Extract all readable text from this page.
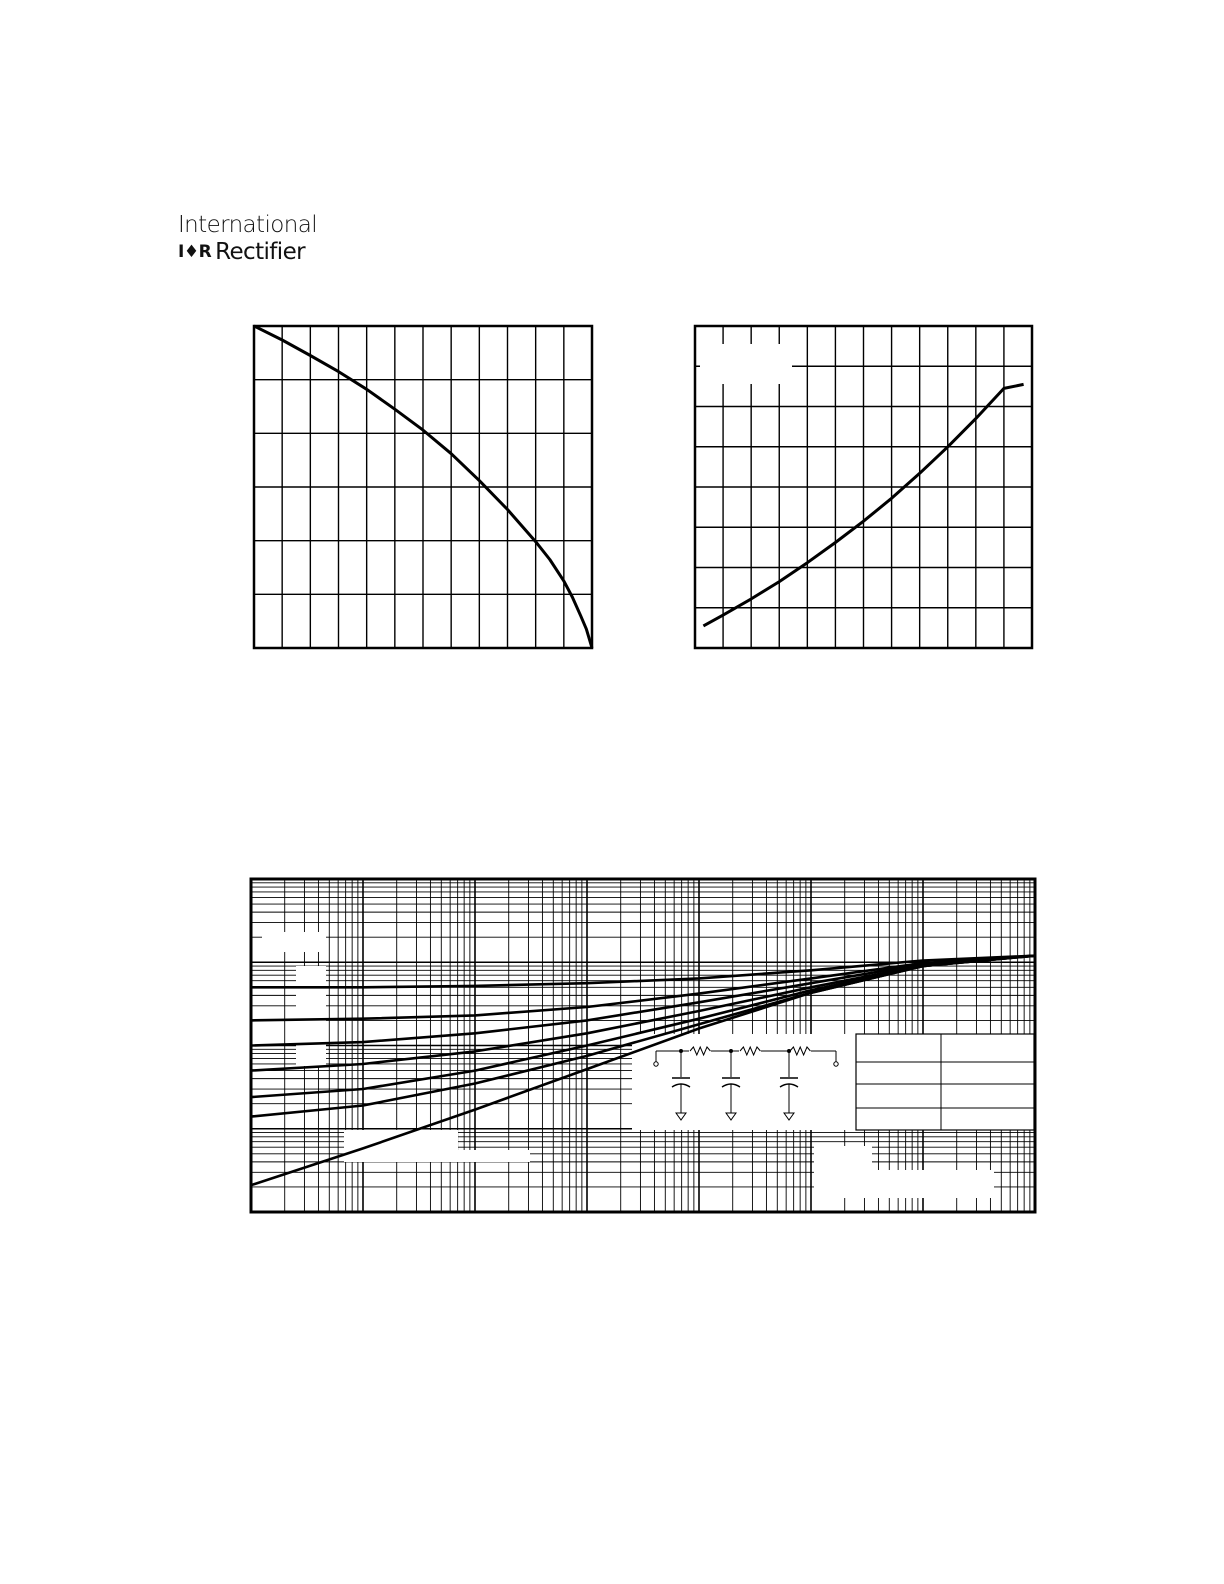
International
I♦R Rectifier
